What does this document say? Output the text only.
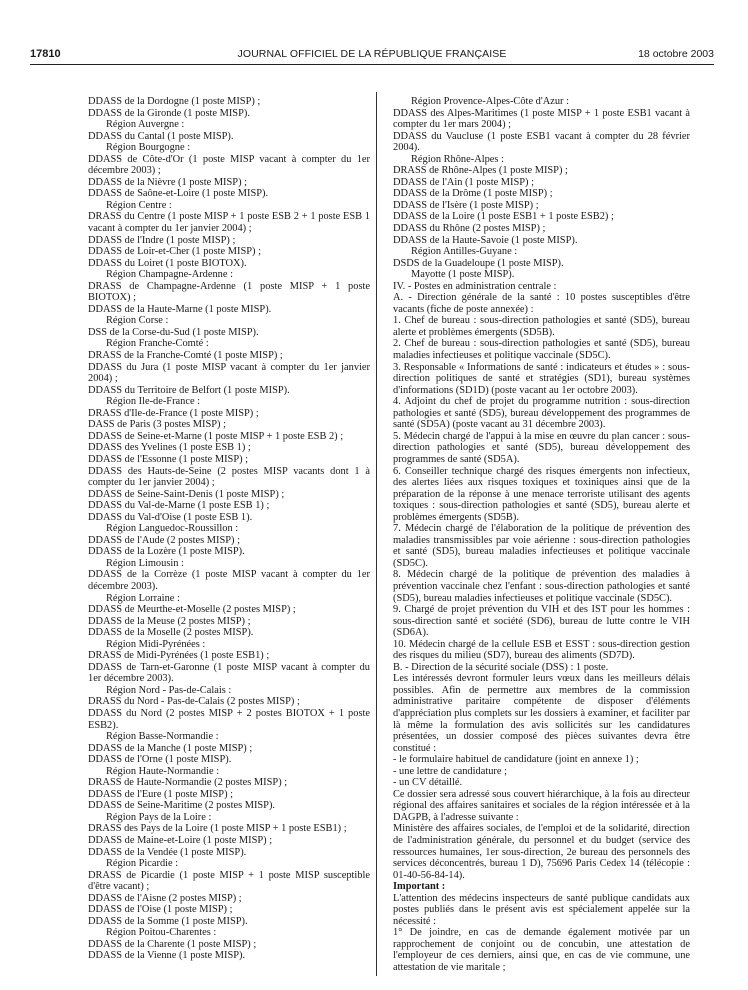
17810	JOURNAL OFFICIEL DE LA RÉPUBLIQUE FRANÇAISE	18 octobre 2003

DDASS de la Dordogne (1 poste MISP) ;

DDASS de la Gironde (1 poste MISP).

Région Auvergne :

DDASS du Cantal (1 poste MISP).

Région Bourgogne :

DDASS de Côte-d'Or (1 poste MISP vacant à compter du 1er décembre 2003) ;

DDASS de la Nièvre (1 poste MISP) ;

DDASS de Saône-et-Loire (1 poste MISP).

Région Centre :

DRASS du Centre (1 poste MISP + 1 poste ESB 2 + 1 poste ESB 1 vacant à compter du 1er janvier 2004) ;

DDASS de l'Indre (1 poste MISP) ;

DDASS de Loir-et-Cher (1 poste MISP) ;

DDASS du Loiret (1 poste BIOTOX).

Région Champagne-Ardenne :

DRASS de Champagne-Ardenne (1 poste MISP + 1 poste BIOTOX) ;

DDASS de la Haute-Marne (1 poste MISP).

Région Corse :

DSS de la Corse-du-Sud (1 poste MISP).

Région Franche-Comté :

DRASS de la Franche-Comté (1 poste MISP) ;

DDASS du Jura (1 poste MISP vacant à compter du 1er janvier 2004) ;

DDASS du Territoire de Belfort (1 poste MISP).

Région Ile-de-France :

DRASS d'Ile-de-France (1 poste MISP) ;

DASS de Paris (3 postes MISP) ;

DDASS de Seine-et-Marne (1 poste MISP + 1 poste ESB 2) ;

DDASS des Yvelines (1 poste ESB 1) ;

DDASS de l'Essonne (1 poste MISP) ;

DDASS des Hauts-de-Seine (2 postes MISP vacants dont 1 à compter du 1er janvier 2004) ;

DDASS de Seine-Saint-Denis (1 poste MISP) ;

DDASS du Val-de-Marne (1 poste ESB 1) ;

DDASS du Val-d'Oise (1 poste ESB 1).

Région Languedoc-Roussillon :

DDASS de l'Aude (2 postes MISP) ;

DDASS de la Lozère (1 poste MISP).

Région Limousin :

DDASS de la Corrèze (1 poste MISP vacant à compter du 1er décembre 2003).

Région Lorraine :

DDASS de Meurthe-et-Moselle (2 postes MISP) ;

DDASS de la Meuse (2 postes MISP) ;

DDASS de la Moselle (2 postes MISP).

Région Midi-Pyrénées :

DRASS de Midi-Pyrénées (1 poste ESB1) ;

DDASS de Tarn-et-Garonne (1 poste MISP vacant à compter du 1er décembre 2003).

Région Nord - Pas-de-Calais :

DRASS du Nord - Pas-de-Calais (2 postes MISP) ;

DDASS du Nord (2 postes MISP + 2 postes BIOTOX + 1 poste ESB2).

Région Basse-Normandie :

DDASS de la Manche (1 poste MISP) ;

DDASS de l'Orne (1 poste MISP).

Région Haute-Normandie :

DRASS de Haute-Normandie (2 postes MISP) ;

DDASS de l'Eure (1 poste MISP) ;

DDASS de Seine-Maritime (2 postes MISP).

Région Pays de la Loire :

DRASS des Pays de la Loire (1 poste MISP + 1 poste ESB1) ;

DDASS de Maine-et-Loire (1 poste MISP) ;

DDASS de la Vendée (1 poste MISP).

Région Picardie :

DRASS de Picardie (1 poste MISP + 1 poste MISP susceptible d'être vacant) ;

DDASS de l'Aisne (2 postes MISP) ;

DDASS de l'Oise (1 poste MISP) ;

DDASS de la Somme (1 poste MISP).

Région Poitou-Charentes :

DDASS de la Charente (1 poste MISP) ;

DDASS de la Vienne (1 poste MISP).

Région Provence-Alpes-Côte d'Azur :

DDASS des Alpes-Maritimes (1 poste MISP + 1 poste ESB1 vacant à compter du 1er mars 2004) ;

DDASS du Vaucluse (1 poste ESB1 vacant à compter du 28 février 2004).

Région Rhône-Alpes :

DRASS de Rhône-Alpes (1 poste MISP) ;

DDASS de l'Ain (1 poste MISP) ;

DDASS de la Drôme (1 poste MISP) ;

DDASS de l'Isère (1 poste MISP) ;

DDASS de la Loire (1 poste ESB1 + 1 poste ESB2) ;

DDASS du Rhône (2 postes MISP) ;

DDASS de la Haute-Savoie (1 poste MISP).

Région Antilles-Guyane :

DSDS de la Guadeloupe (1 poste MISP).

Mayotte (1 poste MISP).

IV. - Postes en administration centrale :

A. - Direction générale de la santé : 10 postes susceptibles d'être vacants (fiche de poste annexée) :

1. Chef de bureau : sous-direction pathologies et santé (SD5), bureau alerte et problèmes émergents (SD5B).

2. Chef de bureau : sous-direction pathologies et santé (SD5), bureau maladies infectieuses et politique vaccinale (SD5C).

3. Responsable « Informations de santé : indicateurs et études » : sous-direction politiques de santé et stratégies (SD1), bureau systèmes d'informations (SD1D) (poste vacant au 1er octobre 2003).

4. Adjoint du chef de projet du programme nutrition : sous-direction pathologies et santé (SD5), bureau développement des programmes de santé (SD5A) (poste vacant au 31 décembre 2003).

5. Médecin chargé de l'appui à la mise en œuvre du plan cancer : sous-direction pathologies et santé (SD5), bureau développement des programmes de santé (SD5A).

6. Conseiller technique chargé des risques émergents non infectieux, des alertes liées aux risques toxiques et toxiniques ainsi que de la préparation de la réponse à une menace terroriste utilisant des agents toxiques : sous-direction pathologies et santé (SD5), bureau alerte et problèmes émergents (SD5B).

7. Médecin chargé de l'élaboration de la politique de prévention des maladies transmissibles par voie aérienne : sous-direction pathologies et santé (SD5), bureau maladies infectieuses et politique vaccinale (SD5C).

8. Médecin chargé de la politique de prévention des maladies à prévention vaccinale chez l'enfant : sous-direction pathologies et santé (SD5), bureau maladies infectieuses et politique vaccinale (SD5C).

9. Chargé de projet prévention du VIH et des IST pour les hommes : sous-direction santé et société (SD6), bureau de lutte contre le VIH (SD6A).

10. Médecin chargé de la cellule ESB et ESST : sous-direction gestion des risques du milieu (SD7), bureau des aliments (SD7D).

B. - Direction de la sécurité sociale (DSS) : 1 poste.

Les intéressés devront formuler leurs vœux dans les meilleurs délais possibles. Afin de permettre aux membres de la commission administrative paritaire compétente de disposer d'éléments d'appréciation plus complets sur les dossiers à examiner, et faciliter par là même la formulation des avis sollicités sur les candidatures présentées, un dossier composé des pièces suivantes devra être constitué :

- le formulaire habituel de candidature (joint en annexe 1) ;

- une lettre de candidature ;

- un CV détaillé.

Ce dossier sera adressé sous couvert hiérarchique, à la fois au directeur régional des affaires sanitaires et sociales de la région intéressée et à la DAGPB, à l'adresse suivante :

Ministère des affaires sociales, de l'emploi et de la solidarité, direction de l'administration générale, du personnel et du budget (service des ressources humaines, 1er sous-direction, 2e bureau des personnels des services déconcentrés, bureau 1 D), 75696 Paris Cedex 14 (télécopie : 01-40-56-84-14).

Important :

L'attention des médecins inspecteurs de santé publique candidats aux postes publiés dans le présent avis est spécialement appelée sur la nécessité :

1° De joindre, en cas de demande également motivée par un rapprochement de conjoint ou de concubin, une attestation de l'employeur de ces derniers, ainsi que, en cas de vie commune, une attestation de vie maritale ;
